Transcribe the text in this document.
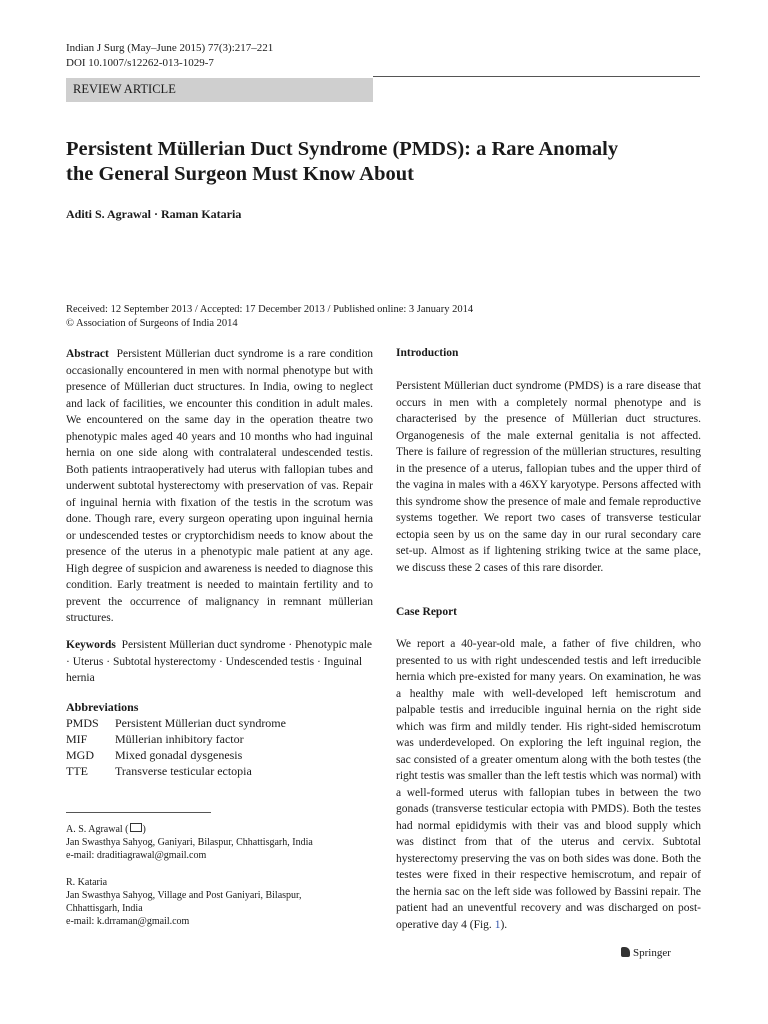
Indian J Surg (May–June 2015) 77(3):217–221
DOI 10.1007/s12262-013-1029-7
REVIEW ARTICLE
Persistent Müllerian Duct Syndrome (PMDS): a Rare Anomaly
the General Surgeon Must Know About
Aditi S. Agrawal · Raman Kataria
Received: 12 September 2013 / Accepted: 17 December 2013 / Published online: 3 January 2014
© Association of Surgeons of India 2014

Abstract Persistent Müllerian duct syndrome is a rare condition occasionally encountered in men with normal phenotype but with presence of Müllerian duct structures. In India, owing to neglect and lack of facilities, we encounter this condition in adult males. We encountered on the same day in the operation theatre two phenotypic males aged 40 years and 10 months who had inguinal hernia on one side along with contralateral undescended testis. Both patients intraoperatively had uterus with fallopian tubes and underwent subtotal hysterectomy with preservation of vas. Repair of inguinal hernia with fixation of the testis in the scrotum was done. Though rare, every surgeon operating upon inguinal hernia or undescended testes or cryptorchidism needs to know about the presence of the uterus in a phenotypic male patient at any age. High degree of suspicion and awareness is needed to diagnose this condition. Early treatment is needed to maintain fertility and to prevent the occurrence of malignancy in remnant müllerian structures.

Keywords Persistent Müllerian duct syndrome · Phenotypic male · Uterus · Subtotal hysterectomy · Undescended testis · Inguinal hernia

Abbreviations
PMDS	Persistent Müllerian duct syndrome
MIF	Müllerian inhibitory factor
MGD	Mixed gonadal dysgenesis
TTE	Transverse testicular ectopia
A. S. Agrawal ( )
Jan Swasthya Sahyog, Ganiyari, Bilaspur, Chhattisgarh, India
e-mail: draditiagrawal@gmail.com
R. Kataria
Jan Swasthya Sahyog, Village and Post Ganiyari, Bilaspur,
Chhattisgarh, India
e-mail: k.drraman@gmail.com
Introduction
Persistent Müllerian duct syndrome (PMDS) is a rare disease that occurs in men with a completely normal phenotype and is characterised by the presence of Müllerian duct structures. Organogenesis of the male external genitalia is not affected. There is failure of regression of the müllerian structures, resulting in the presence of a uterus, fallopian tubes and the upper third of the vagina in males with a 46XY karyotype. Persons affected with this syndrome show the presence of male and female reproductive systems together. We report two cases of transverse testicular ectopia seen by us on the same day in our rural secondary care set-up. Almost as if lightening striking twice at the same place, we discuss these 2 cases of this rare disorder.
Case Report
We report a 40-year-old male, a father of five children, who presented to us with right undescended testis and left irreducible hernia which pre-existed for many years. On examination, he was a healthy male with well-developed left hemiscrotum and palpable testis and irreducible inguinal hernia on the right side which was firm and mildly tender. His right-sided hemiscrotum was underdeveloped. On exploring the left inguinal region, the sac consisted of a greater omentum along with the both testes (the right testis was smaller than the left testis which was normal) with a well-formed uterus with fallopian tubes in between the two gonads (transverse testicular ectopia with PMDS). Both the testes had normal epididymis with their vas and blood supply which was distinct from that of the uterus and cervix. Subtotal hysterectomy preserving the vas on both sides was done. Both the testes were fixed in their respective hemiscrotum, and repair of the hernia sac on the left side was followed by Bassini repair. The patient had an uneventful recovery and was discharged on post-operative day 4 (Fig. 1).
Springer
